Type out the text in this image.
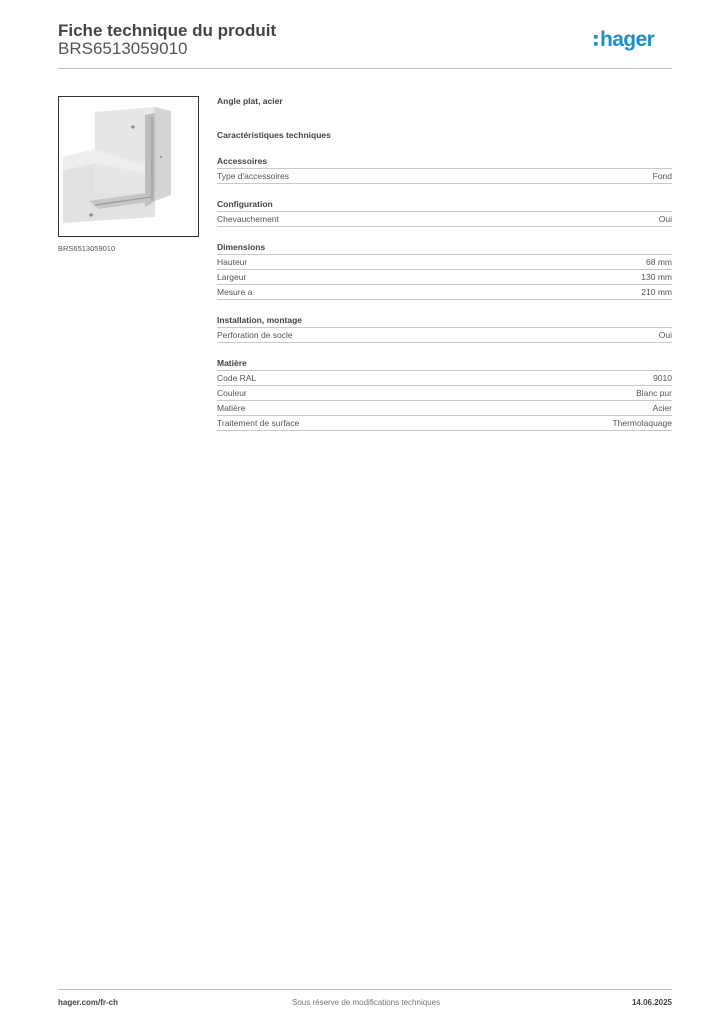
Fiche technique du produit
BRS6513059010	hager
BRS6513059010
Angle plat, acier
Caractéristiques techniques
Accessoires
Type d'accessoires	Fond
Configuration
Chevauchement	Oui
Dimensions
Hauteur	68 mm
Largeur	130 mm
Mesure a	210 mm
Installation, montage
Perforation de socle	Oui
Matière
Code RAL	9010
Couleur	Blanc pur
Matière	Acier
Traitement de surface	Thermolaquage
hager.com/fr-ch	Sous réserve de modifications techniques	14.06.2025
